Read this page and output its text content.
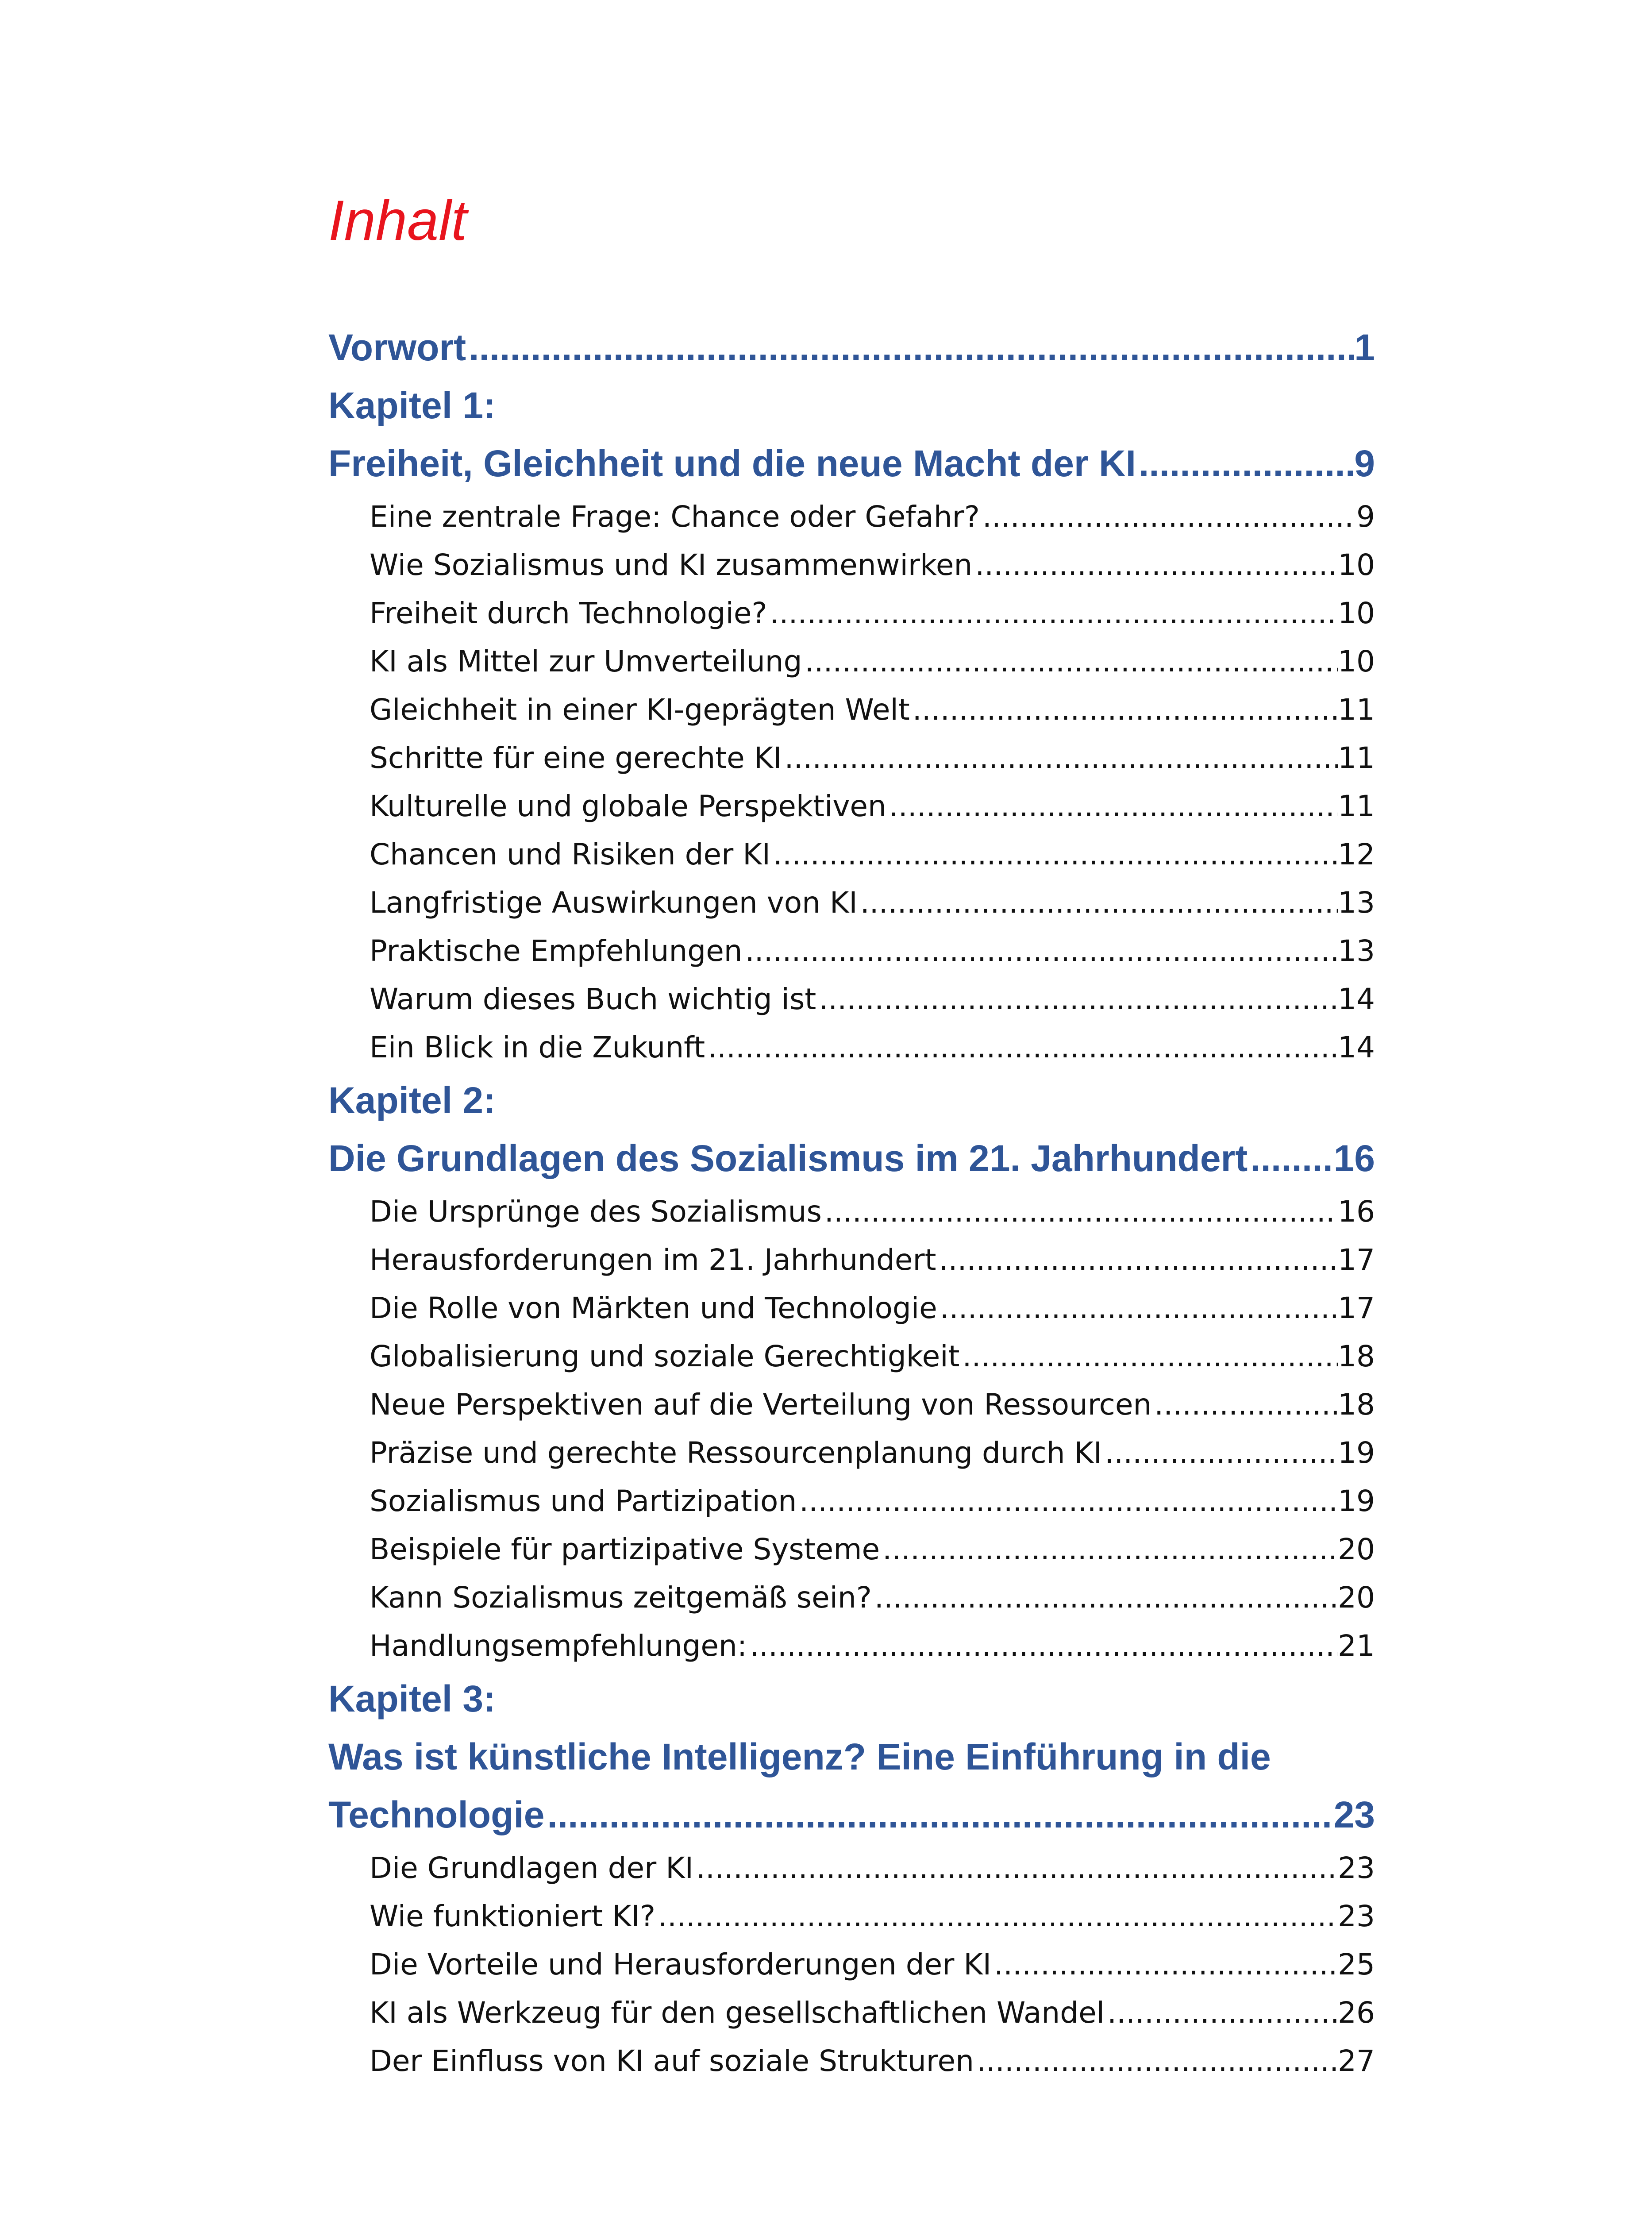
Inhalt
Vorwort .....	1
Kapitel 1:
Freiheit, Gleichheit und die neue Macht der KI .....	9
Eine zentrale Frage: Chance oder Gefahr? .....	9
Wie Sozialismus und KI zusammenwirken .....	10
Freiheit durch Technologie? .....	10
KI als Mittel zur Umverteilung .....	10
Gleichheit in einer KI-geprägten Welt .....	11
Schritte für eine gerechte KI .....	11
Kulturelle und globale Perspektiven .....	11
Chancen und Risiken der KI .....	12
Langfristige Auswirkungen von KI .....	13
Praktische Empfehlungen .....	13
Warum dieses Buch wichtig ist .....	14
Ein Blick in die Zukunft .....	14
Kapitel 2:
Die Grundlagen des Sozialismus im 21. Jahrhundert ..... 16
Die Ursprünge des Sozialismus .....	16
Herausforderungen im 21. Jahrhundert .....	17
Die Rolle von Märkten und Technologie .....	17
Globalisierung und soziale Gerechtigkeit .....	18
Neue Perspektiven auf die Verteilung von Ressourcen .....	18
Präzise und gerechte Ressourcenplanung durch KI .....	19
Sozialismus und Partizipation .....	19
Beispiele für partizipative Systeme .....	20
Kann Sozialismus zeitgemäß sein? .....	20
Handlungsempfehlungen: .....	21
Kapitel 3:
Was ist künstliche Intelligenz? Eine Einführung in die
Technologie .....	23
Die Grundlagen der KI .....	23
Wie funktioniert KI? .....	23
Die Vorteile und Herausforderungen der KI .....	25
KI als Werkzeug für den gesellschaftlichen Wandel .....	26
Der Einfluss von KI auf soziale Strukturen .....	27
